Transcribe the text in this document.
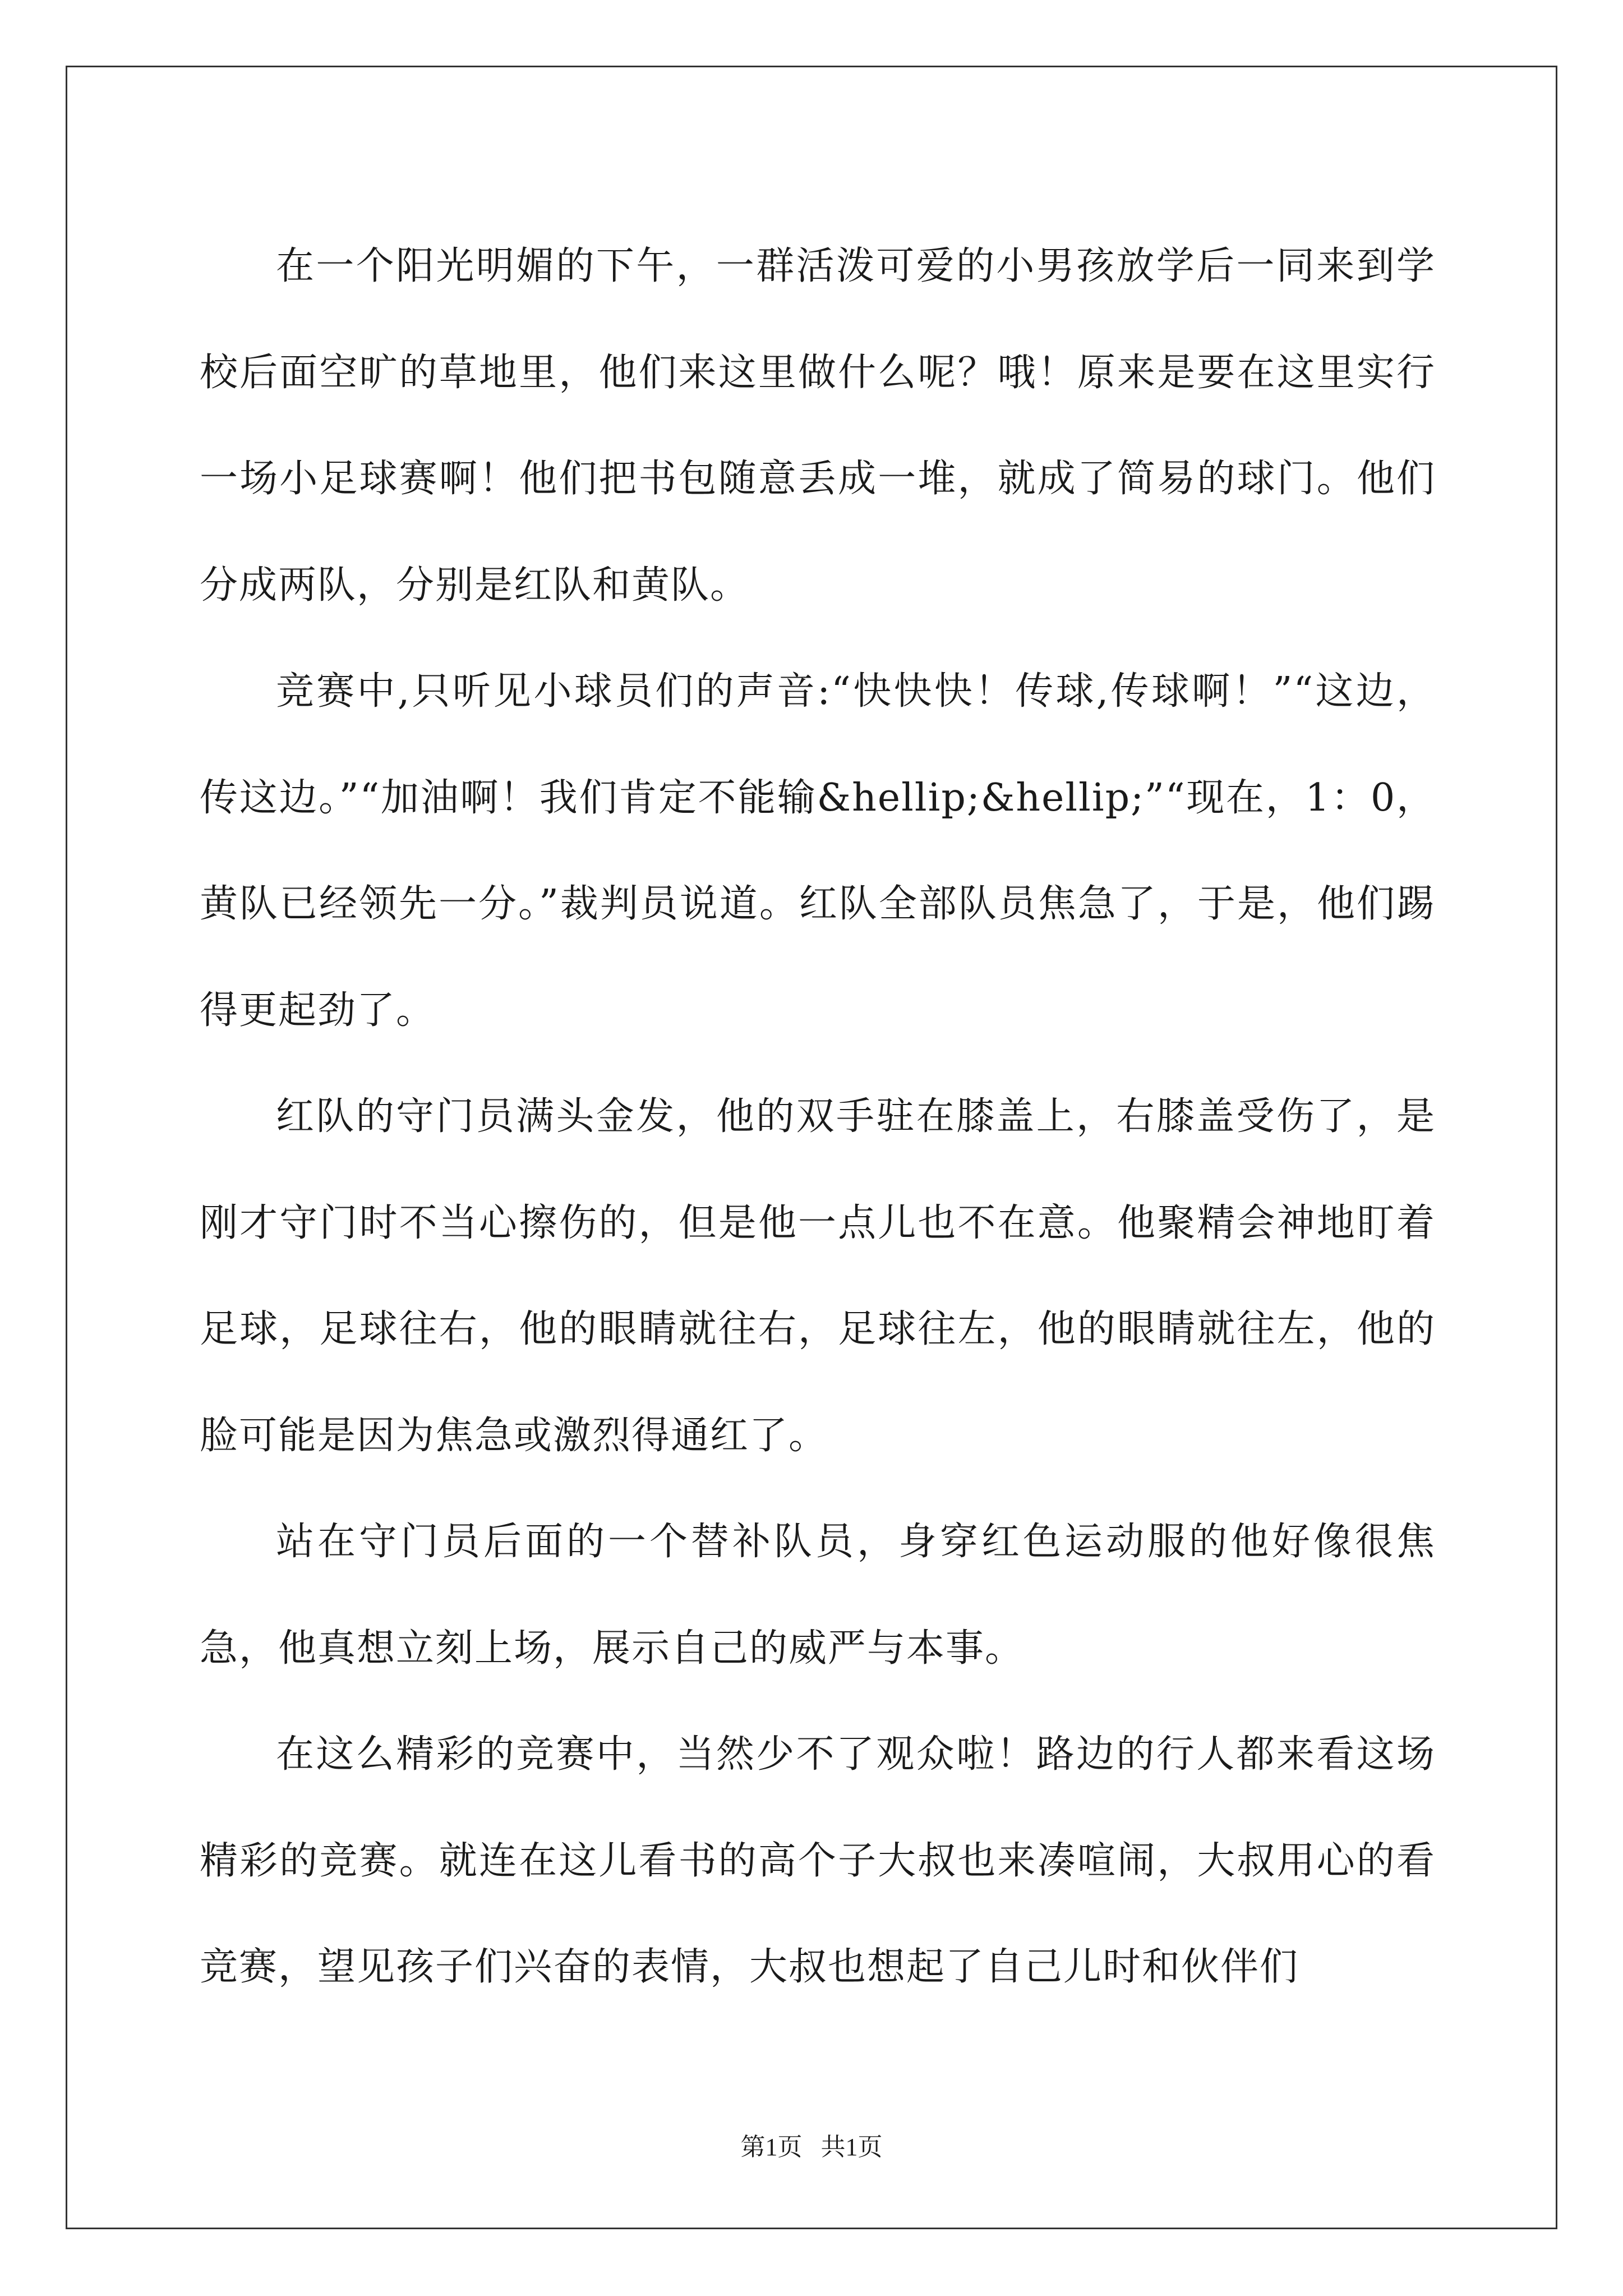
在一个阳光明媚的下午，一群活泼可爱的小男孩放学后一同来到学校后面空旷的草地里，他们来这里做什么呢？哦！原来是要在这里实行一场小足球赛啊！他们把书包随意丢成一堆，就成了简易的球门。他们分成两队，分别是红队和黄队。

竞赛中,只听见小球员们的声音:“快快快！传球,传球啊！”“这边，传这边。”“加油啊！我们肯定不能输&hellip;&hellip;”“现在，1：0，黄队已经领先一分。”裁判员说道。红队全部队员焦急了，于是，他们踢得更起劲了。

红队的守门员满头金发，他的双手驻在膝盖上，右膝盖受伤了，是刚才守门时不当心擦伤的，但是他一点儿也不在意。他聚精会神地盯着足球，足球往右，他的眼睛就往右，足球往左，他的眼睛就往左，他的脸可能是因为焦急或激烈得通红了。

站在守门员后面的一个替补队员，身穿红色运动服的他好像很焦急，他真想立刻上场，展示自己的威严与本事。

在这么精彩的竞赛中，当然少不了观众啦！路边的行人都来看这场精彩的竞赛。就连在这儿看书的高个子大叔也来凑喧闹，大叔用心的看竞赛，望见孩子们兴奋的表情，大叔也想起了自己儿时和伙伴们

第1页   共1页
